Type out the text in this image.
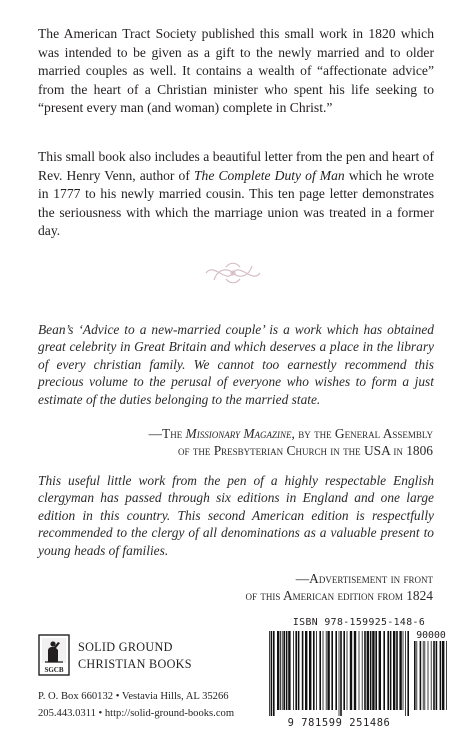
The American Tract Society published this small work in 1820 which was intended to be given as a gift to the newly married and to older married couples as well. It contains a wealth of “affectionate advice” from the heart of a Christian minister who spent his life seeking to “present every man (and woman) complete in Christ.”

This small book also includes a beautiful letter from the pen and heart of Rev. Henry Venn, author of The Complete Duty of Man which he wrote in 1777 to his newly married cousin. This ten page letter demonstrates the seriousness with which the marriage union was treated in a former day.

Bean’s ‘Advice to a new-married couple’ is a work which has obtained great celebrity in Great Britain and which deserves a place in the library of every christian family. We cannot too earnestly recommend this precious volume to the perusal of everyone who wishes to form a just estimate of the duties belonging to the married state.

—The Missionary Magazine, by the General Assembly
of the Presbyterian Church in the USA in 1806

This useful little work from the pen of a highly respectable English clergyman has passed through six editions in England and one large edition in this country. This second American edition is respectfully recommended to the clergy of all denominations as a valuable present to young heads of families.

—Advertisement in front
of this American edition from 1824
SGCB
SOLID GROUND
CHRISTIAN BOOKS
P. O. Box 660132 • Vestavia Hills, AL 35266
205.443.0311 • http://solid-ground-books.com
ISBN 978-159925-148-6
90000
9 781599 251486
